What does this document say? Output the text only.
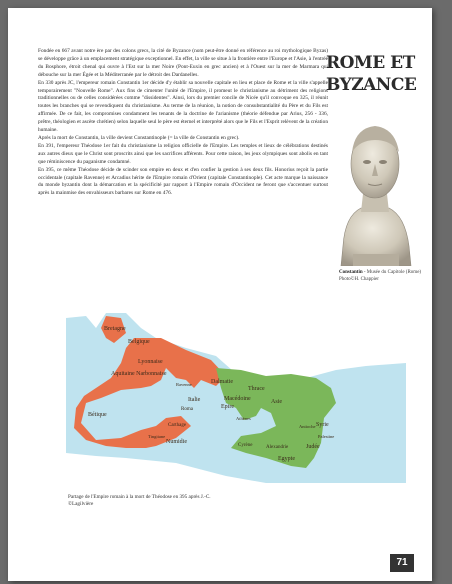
Fondée en 667 avant notre ère par des colons grecs, la cité de Byzance (nom peut-être donné en référence au roi mythologique Byzas) se développe grâce à un emplacement stratégique exceptionnel. En effet, la ville se situe à la frontière entre l'Europe et l'Asie, à l'entrée du Bosphore, étroit chenal qui ouvre à l'Est sur la mer Noire (Pont-Euxin en grec ancien) et à l'Ouest sur la mer de Marmara qui débouche sur la mer Égée et la Méditerranée par le détroit des Dardanelles.

En 330 après JC, l'empereur romain Constantin 1er décide d'y établir sa nouvelle capitale en lieu et place de Rome et la ville s'appelle temporairement "Nouvelle Rome". Aux fins de cimenter l'unité de l'Empire, il promeut le christianisme au détriment des religions traditionnelles ou de celles considérées comme "dissidentes". Ainsi, lors du premier concile de Nicée qu'il convoque en 325, il réunit toutes les branches qui se revendiquent du christianisme. Au terme de la réunion, la notion de consubstantialité du Père et du Fils est affirmée. De ce fait, les compromises condamnent les tenants de la doctrine de l'arianisme (théorie défendue par Arius, 256 - 336, prêtre, théologien et ascète chrétien) selon laquelle seul le père est éternel et interprété alors que le Fils et l'Esprit relèvent de la création humaine.

Après la mort de Constantin, la ville devient Constantinople (= la ville de Constantin en grec).

En 391, l'empereur Théodose 1er fait du christianisme la religion officielle de l'Empire. Les temples et lieux de célébrations destinés aux autres dieux que le Christ sont proscrits ainsi que les sacrifices afférents. Pour cette raison, les jeux olympiques sont abolis en tant que réminiscence du paganisme condamné.

En 395, ce même Théodose décide de scinder son empire en deux et d'en confier la gestion à ses deux fils. Honorius reçoit la partie occidentale (capitale Ravenne) et Arcadius hérite de l'Empire romain d'Orient (capitale Constantinople). Cet acte marque la naissance du monde byzantin dont la démarcation et la spécificité par rapport à l'Empire romain d'Occident ne feront que s'accentuer surtout après la mainmise des envahisseurs barbares sur Rome en 476.

ROME ET
BYZANCE
Constantin - Musée du Capitole (Rome) Photo©H. Chappier
Bretagne
Belgique
Lyonnaise
Aquitaine Narbonnaise
Bétique
Ravenne	Dalmatie
Italie
Roma
Carthage
Tingitane
Numidie
Macédoine
Epire
Thrace
Athènes
Asie
Antioche Syrie
Palestine
Judée
Cyrène	Alexandrie
Egypte
Partage de l'Empire romain à la mort de Théodose en 395 après J.-C.
©Lagilvière
71
